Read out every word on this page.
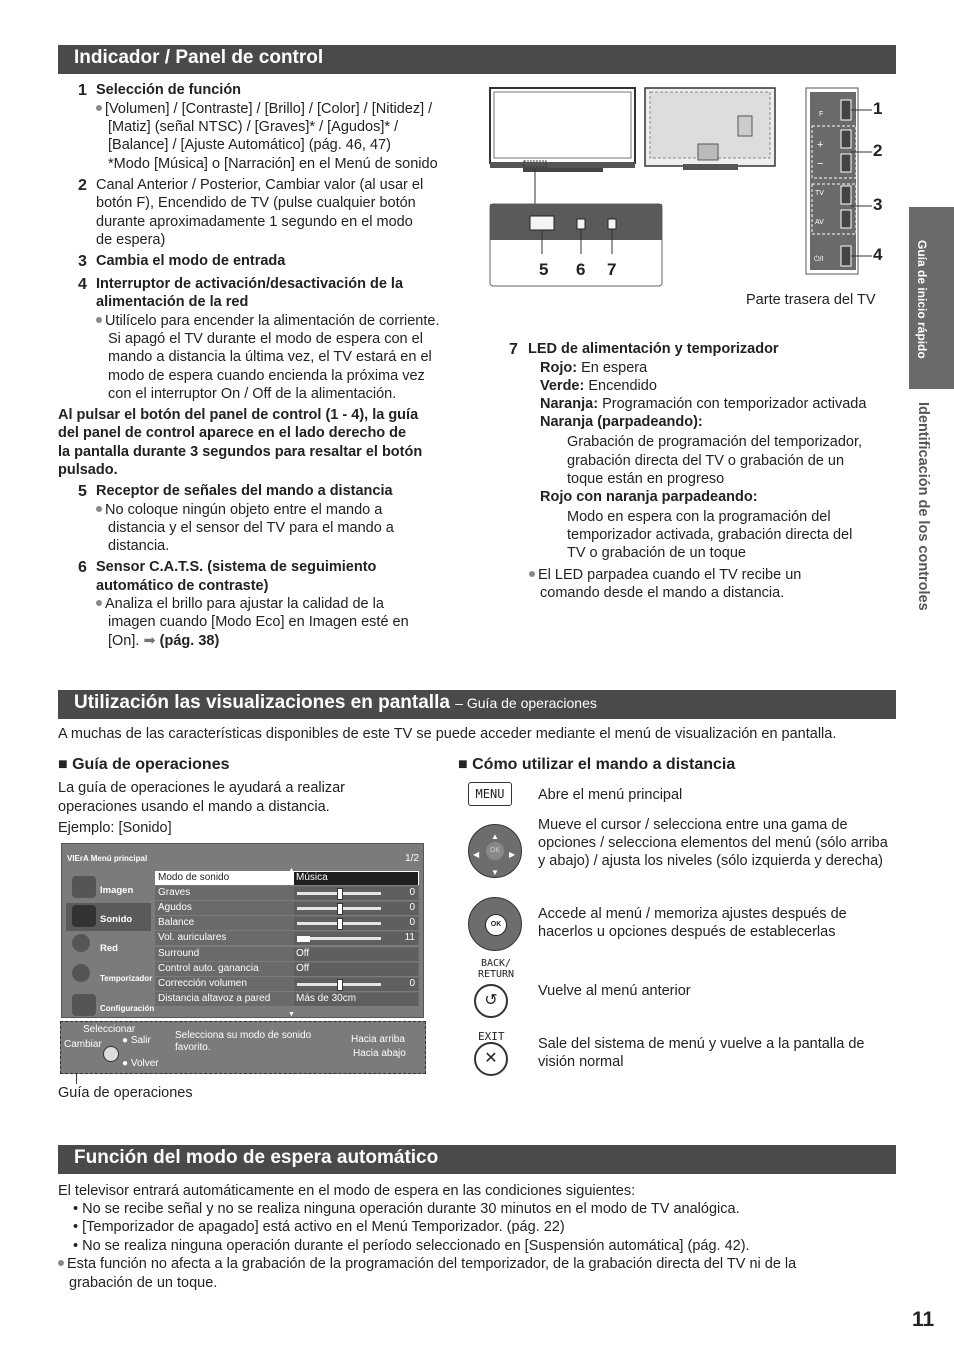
Indicador / Panel de control
1 Selección de función
[Volumen] / [Contraste] / [Brillo] / [Color] / [Nitidez] /
[Matiz] (señal NTSC) / [Graves]* / [Agudos]* /
[Balance] / [Ajuste Automático] (pág. 46, 47)
*Modo [Música] o [Narración] en el Menú de sonido
2 Canal Anterior / Posterior, Cambiar valor (al usar el
botón F), Encendido de TV (pulse cualquier botón
durante aproximadamente 1 segundo en el modo
de espera)
3 Cambia el modo de entrada
4 Interruptor de activación/desactivación de la
alimentación de la red
Utilícelo para encender la alimentación de corriente.
Si apagó el TV durante el modo de espera con el
mando a distancia la última vez, el TV estará en el
modo de espera cuando encienda la próxima vez
con el interruptor On / Off de la alimentación.
Al pulsar el botón del panel de control (1 - 4), la guía
del panel de control aparece en el lado derecho de
la pantalla durante 3 segundos para resaltar el botón
pulsado.
5 Receptor de señales del mando a distancia
No coloque ningún objeto entre el mando a
distancia y el sensor del TV para el mando a
distancia.
6 Sensor C.A.T.S. (sistema de seguimiento
automático de contraste)
Analiza el brillo para ajustar la calidad de la
imagen cuando [Modo Eco] en Imagen esté en
[On]. ➡ (pág. 38)
F
+
−
TV
AV
⏻/I
1
2
3
4
5 6 7
Parte trasera del TV
7 LED de alimentación y temporizador
Rojo: En espera
Verde: Encendido
Naranja: Programación con temporizador activada
Naranja (parpadeando):
Grabación de programación del temporizador,
grabación directa del TV o grabación de un
toque están en progreso
Rojo con naranja parpadeando:
Modo en espera con la programación del
temporizador activada, grabación directa del
TV o grabación de un toque
El LED parpadea cuando el TV recibe un
comando desde el mando a distancia.
Guía de inicio rápido
Identificación de los controles
Utilización las visualizaciones en pantalla – Guía de operaciones
A muchas de las características disponibles de este TV se puede acceder mediante el menú de visualización en pantalla.
■ Guía de operaciones
La guía de operaciones le ayudará a realizar
operaciones usando el mando a distancia.
Ejemplo: [Sonido]
VIErA Menú principal	1/2
Imagen
Sonido
Red
Temporizador
Configuración
Modo de sonido	Música
Graves	0
Agudos	0
Balance	0
Vol. auriculares	11
Surround	Off
Control auto. ganancia	Off
Corrección volumen	0
Distancia altavoz a pared	Más de 30cm
▼
Seleccionar
Cambiar ● Salir
● Volver
Selecciona su modo de sonido favorito.
Hacia arriba
Hacia abajo
Guía de operaciones
■ Cómo utilizar el mando a distancia
MENU	Abre el menú principal
OK
▲
▼
◀	▶
Mueve el cursor / selecciona entre una gama de opciones / selecciona elementos del menú (sólo arriba y abajo) / ajusta los niveles (sólo izquierda y derecha)
OK
Accede al menú / memoriza ajustes después de hacerlos u opciones después de establecerlas
BACK/ RETURN
↺
Vuelve al menú anterior
EXIT
✕
Sale del sistema de menú y vuelve a la pantalla de visión normal
Función del modo de espera automático
El televisor entrará automáticamente en el modo de espera en las condiciones siguientes:
• No se recibe señal y no se realiza ninguna operación durante 30 minutos en el modo de TV analógica.
• [Temporizador de apagado] está activo en el Menú Temporizador. (pág. 22)
• No se realiza ninguna operación durante el período seleccionado en [Suspensión automática] (pág. 42).
Esta función no afecta a la grabación de la programación del temporizador, de la grabación directa del TV ni de la
grabación de un toque.
11
